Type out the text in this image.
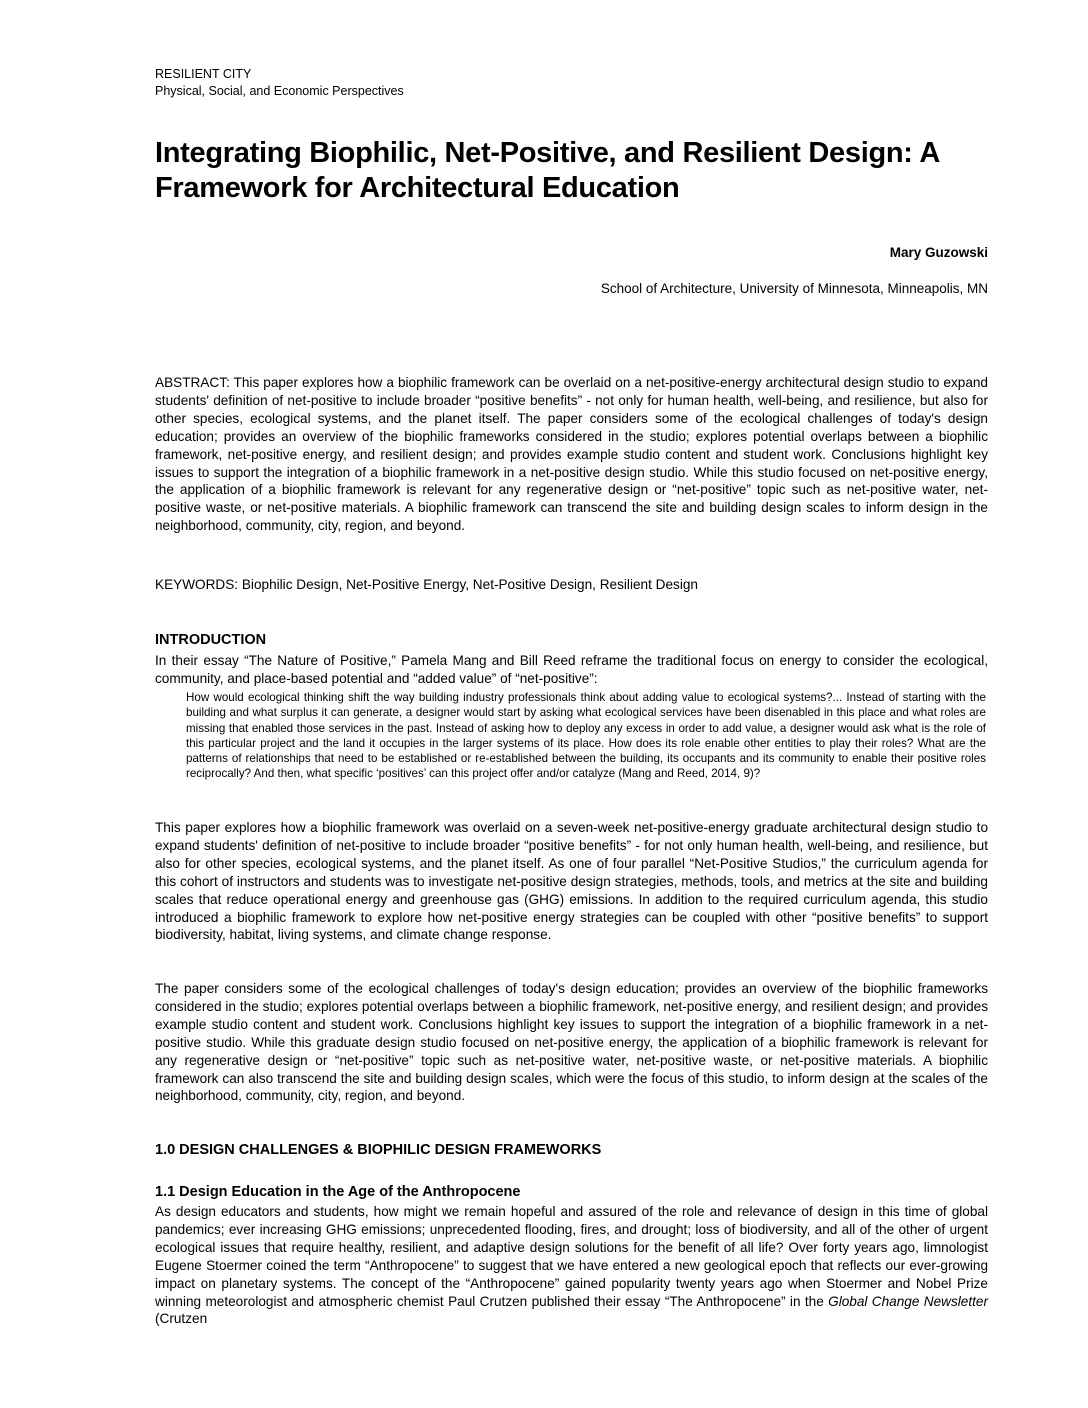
RESILIENT CITY
Physical, Social, and Economic Perspectives
Integrating Biophilic, Net-Positive, and Resilient Design: A Framework for Architectural Education
Mary Guzowski
School of Architecture, University of Minnesota, Minneapolis, MN
ABSTRACT: This paper explores how a biophilic framework can be overlaid on a net-positive-energy architectural design studio to expand students' definition of net-positive to include broader “positive benefits” - not only for human health, well-being, and resilience, but also for other species, ecological systems, and the planet itself. The paper considers some of the ecological challenges of today's design education; provides an overview of the biophilic frameworks considered in the studio; explores potential overlaps between a biophilic framework, net-positive energy, and resilient design; and provides example studio content and student work. Conclusions highlight key issues to support the integration of a biophilic framework in a net-positive design studio. While this studio focused on net-positive energy, the application of a biophilic framework is relevant for any regenerative design or “net-positive” topic such as net-positive water, net-positive waste, or net-positive materials. A biophilic framework can transcend the site and building design scales to inform design in the neighborhood, community, city, region, and beyond.
KEYWORDS: Biophilic Design, Net-Positive Energy, Net-Positive Design, Resilient Design
INTRODUCTION
In their essay “The Nature of Positive,” Pamela Mang and Bill Reed reframe the traditional focus on energy to consider the ecological, community, and place-based potential and “added value” of “net-positive”:
How would ecological thinking shift the way building industry professionals think about adding value to ecological systems?... Instead of starting with the building and what surplus it can generate, a designer would start by asking what ecological services have been disenabled in this place and what roles are missing that enabled those services in the past. Instead of asking how to deploy any excess in order to add value, a designer would ask what is the role of this particular project and the land it occupies in the larger systems of its place. How does its role enable other entities to play their roles? What are the patterns of relationships that need to be established or re-established between the building, its occupants and its community to enable their positive roles reciprocally? And then, what specific ‘positives’ can this project offer and/or catalyze (Mang and Reed, 2014, 9)?
This paper explores how a biophilic framework was overlaid on a seven-week net-positive-energy graduate architectural design studio to expand students' definition of net-positive to include broader “positive benefits” - for not only human health, well-being, and resilience, but also for other species, ecological systems, and the planet itself. As one of four parallel “Net-Positive Studios,” the curriculum agenda for this cohort of instructors and students was to investigate net-positive design strategies, methods, tools, and metrics at the site and building scales that reduce operational energy and greenhouse gas (GHG) emissions. In addition to the required curriculum agenda, this studio introduced a biophilic framework to explore how net-positive energy strategies can be coupled with other “positive benefits” to support biodiversity, habitat, living systems, and climate change response.
The paper considers some of the ecological challenges of today's design education; provides an overview of the biophilic frameworks considered in the studio; explores potential overlaps between a biophilic framework, net-positive energy, and resilient design; and provides example studio content and student work. Conclusions highlight key issues to support the integration of a biophilic framework in a net-positive studio. While this graduate design studio focused on net-positive energy, the application of a biophilic framework is relevant for any regenerative design or “net-positive” topic such as net-positive water, net-positive waste, or net-positive materials. A biophilic framework can also transcend the site and building design scales, which were the focus of this studio, to inform design at the scales of the neighborhood, community, city, region, and beyond.
1.0 DESIGN CHALLENGES & BIOPHILIC DESIGN FRAMEWORKS
1.1 Design Education in the Age of the Anthropocene
As design educators and students, how might we remain hopeful and assured of the role and relevance of design in this time of global pandemics; ever increasing GHG emissions; unprecedented flooding, fires, and drought; loss of biodiversity, and all of the other of urgent ecological issues that require healthy, resilient, and adaptive design solutions for the benefit of all life? Over forty years ago, limnologist Eugene Stoermer coined the term “Anthropocene” to suggest that we have entered a new geological epoch that reflects our ever-growing impact on planetary systems. The concept of the “Anthropocene” gained popularity twenty years ago when Stoermer and Nobel Prize winning meteorologist and atmospheric chemist Paul Crutzen published their essay “The Anthropocene” in the Global Change Newsletter (Crutzen
